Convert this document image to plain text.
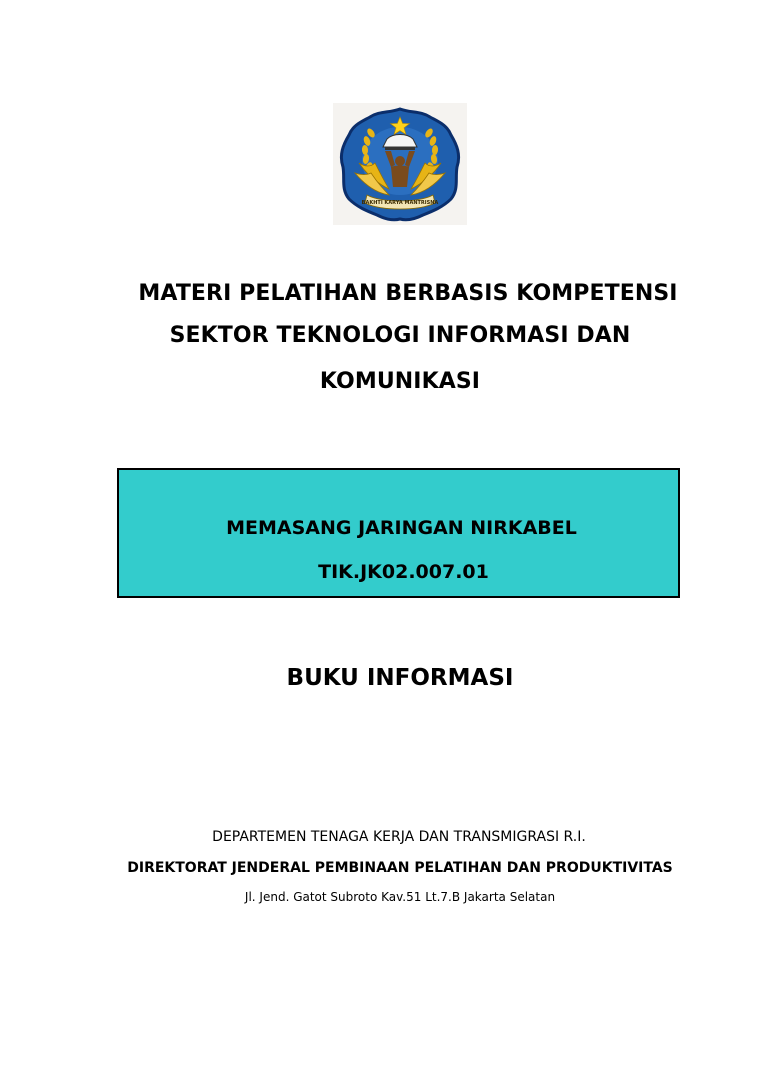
BAKHTI KARYA MANTRISNA
MATERI PELATIHAN BERBASIS KOMPETENSI
SEKTOR TEKNOLOGI INFORMASI DAN
KOMUNIKASI
MEMASANG JARINGAN NIRKABEL
TIK.JK02.007.01
BUKU INFORMASI
DEPARTEMEN TENAGA KERJA DAN TRANSMIGRASI R.I.
DIREKTORAT JENDERAL PEMBINAAN PELATIHAN DAN PRODUKTIVITAS
Jl. Jend. Gatot Subroto Kav.51 Lt.7.B Jakarta Selatan
